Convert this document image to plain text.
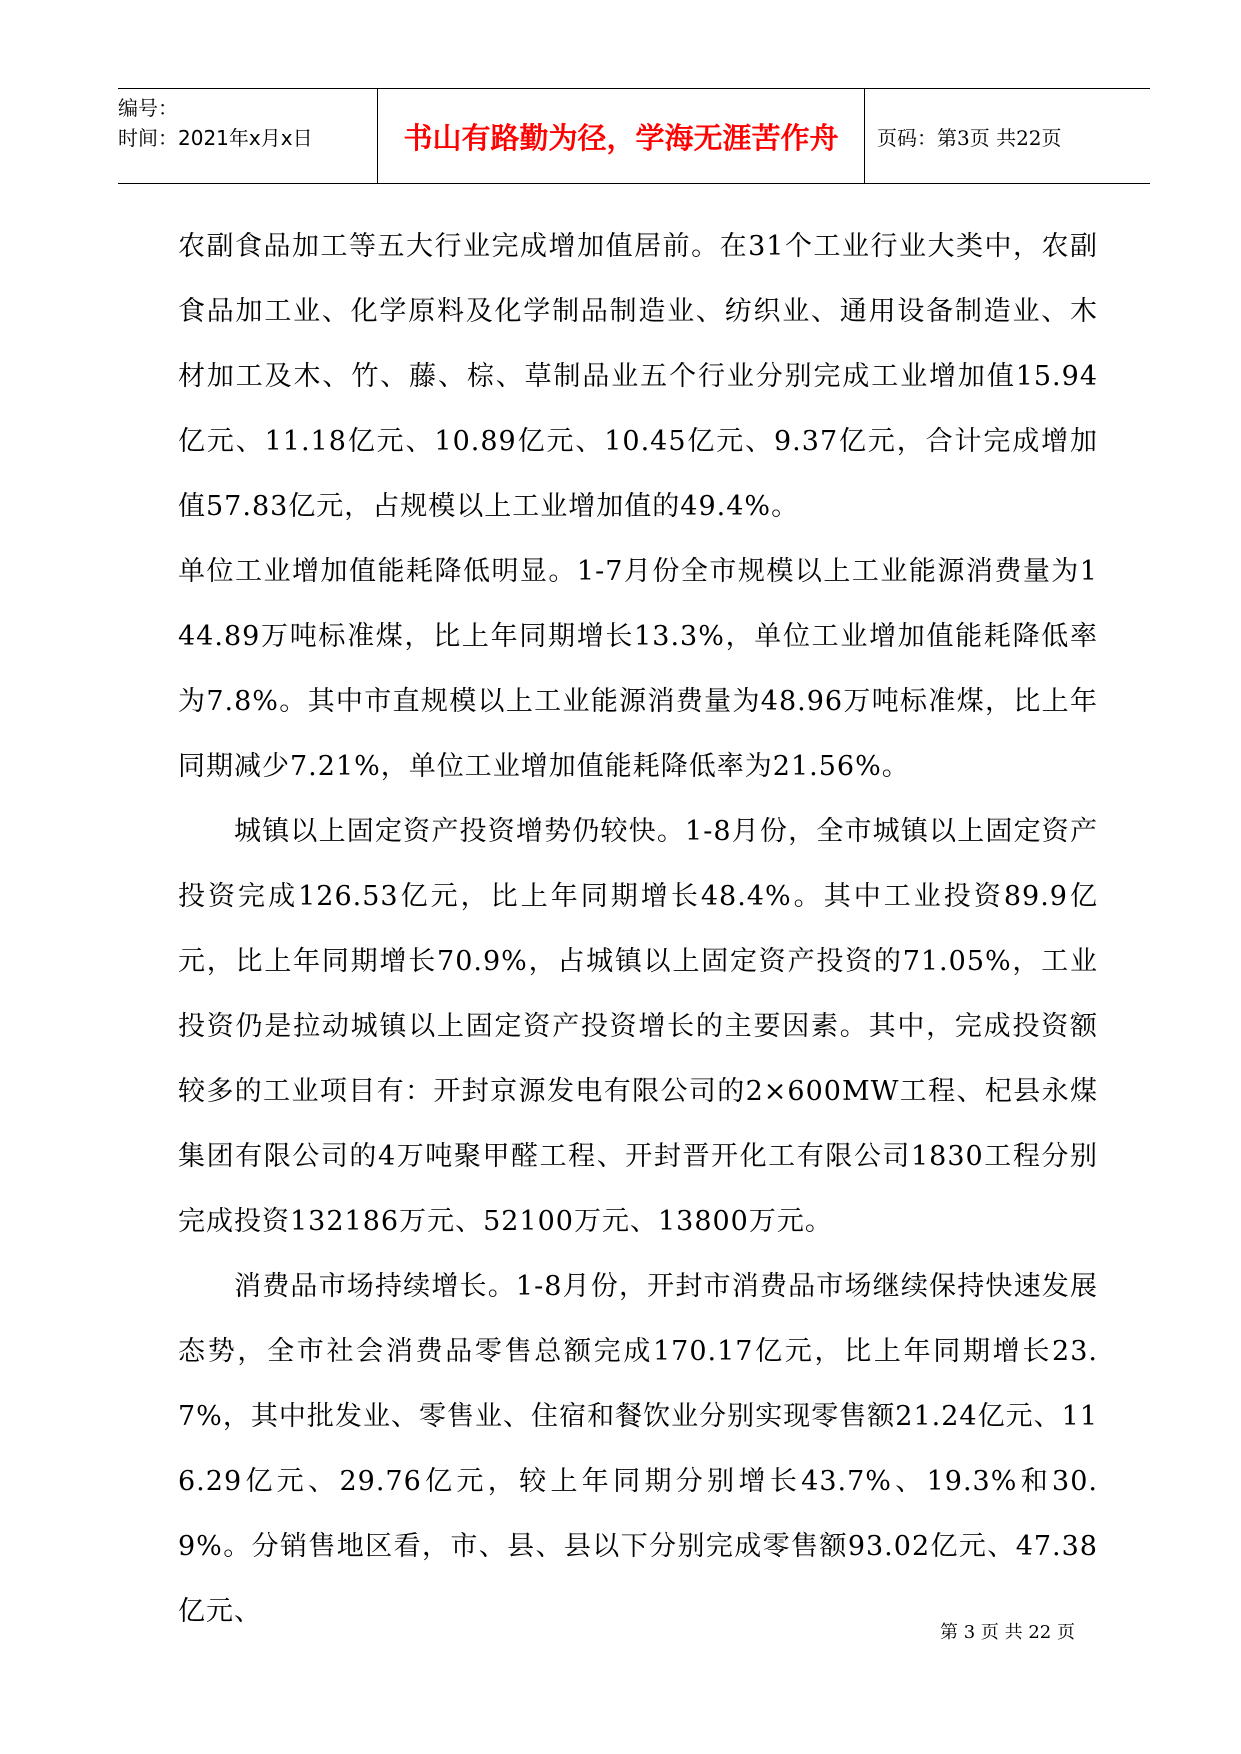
编号：
时间：2021年x月x日	书山有路勤为径，学海无涯苦作舟	页码：第3页 共22页

农副食品加工等五大行业完成增加值居前。在31个工业行业大类中，农副食品加工业、化学原料及化学制品制造业、纺织业、通用设备制造业、木材加工及木、竹、藤、棕、草制品业五个行业分别完成工业增加值15.94亿元、11.18亿元、10.89亿元、10.45亿元、9.37亿元，合计完成增加值57.83亿元，占规模以上工业增加值的49.4%。

单位工业增加值能耗降低明显。1-7月份全市规模以上工业能源消费量为144.89万吨标准煤，比上年同期增长13.3%，单位工业增加值能耗降低率为7.8%。其中市直规模以上工业能源消费量为48.96万吨标准煤，比上年同期减少7.21%，单位工业增加值能耗降低率为21.56%。

城镇以上固定资产投资增势仍较快。1-8月份，全市城镇以上固定资产投资完成126.53亿元，比上年同期增长48.4%。其中工业投资89.9亿元，比上年同期增长70.9%，占城镇以上固定资产投资的71.05%，工业投资仍是拉动城镇以上固定资产投资增长的主要因素。其中，完成投资额较多的工业项目有：开封京源发电有限公司的2×600MW工程、杞县永煤集团有限公司的4万吨聚甲醛工程、开封晋开化工有限公司1830工程分别完成投资132186万元、52100万元、13800万元。

消费品市场持续增长。1-8月份，开封市消费品市场继续保持快速发展态势，全市社会消费品零售总额完成170.17亿元，比上年同期增长23.7%，其中批发业、零售业、住宿和餐饮业分别实现零售额21.24亿元、116.29亿元、29.76亿元，较上年同期分别增长43.7%、19.3%和30.9%。分销售地区看，市、县、县以下分别完成零售额93.02亿元、47.38亿元、

第 3 页 共 22 页
